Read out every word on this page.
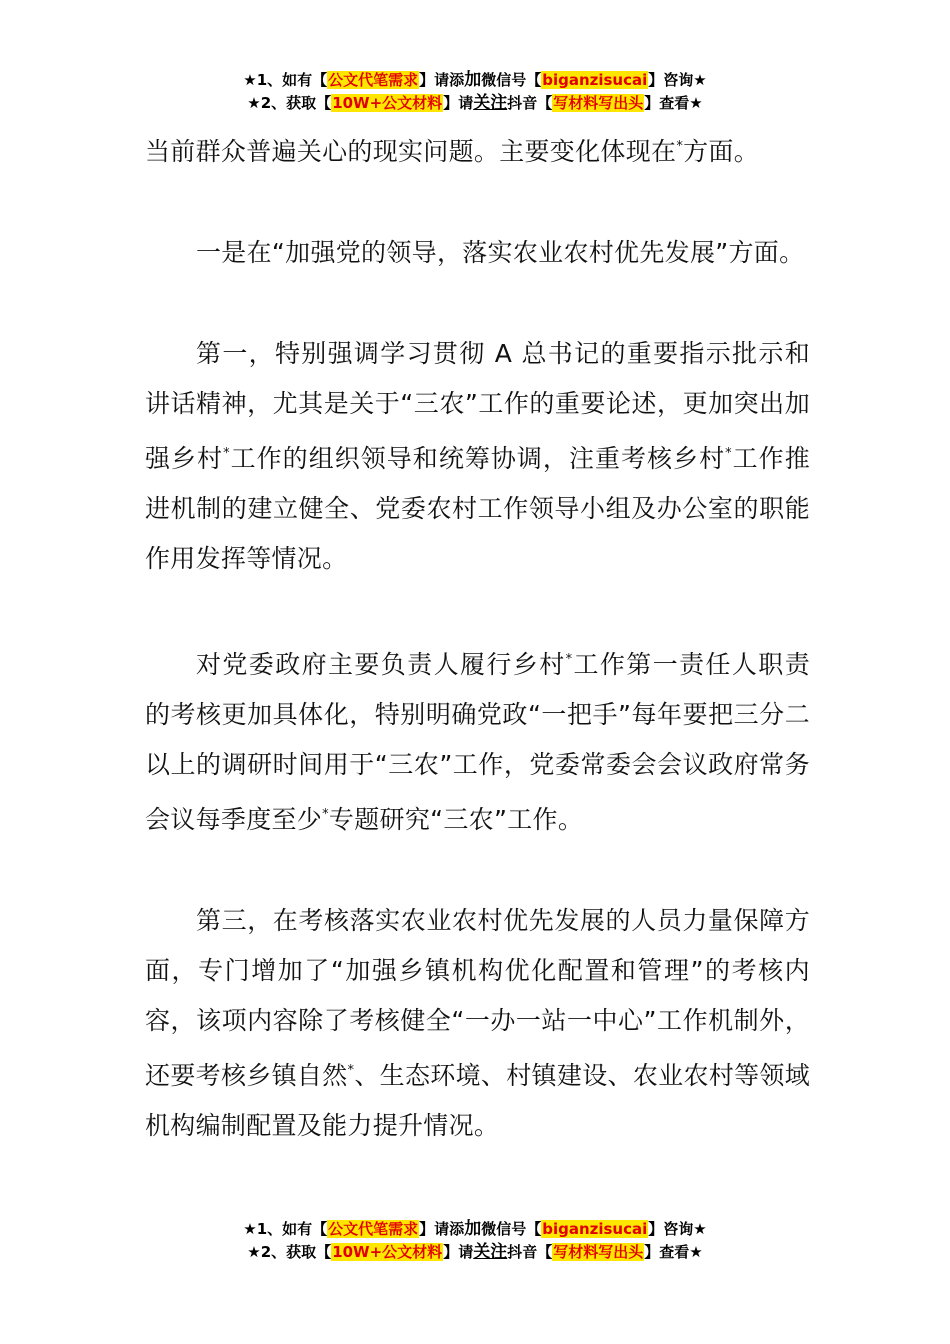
★1、如有【公文代笔需求】请添加微信号【biganzisucai】咨询★
★2、获取【10W+公文材料】请关注抖音【写材料写出头】查看★

当前群众普遍关心的现实问题。主要变化体现在*方面。

一是在“加强党的领导，落实农业农村优先发展”方面。

第一，特别强调学习贯彻 A 总书记的重要指示批示和讲话精神，尤其是关于“三农”工作的重要论述，更加突出加强乡村*工作的组织领导和统筹协调，注重考核乡村*工作推进机制的建立健全、党委农村工作领导小组及办公室的职能作用发挥等情况。

对党委政府主要负责人履行乡村*工作第一责任人职责的考核更加具体化，特别明确党政“一把手”每年要把三分二以上的调研时间用于“三农”工作，党委常委会会议政府常务会议每季度至少*专题研究“三农”工作。

第三，在考核落实农业农村优先发展的人员力量保障方面，专门增加了“加强乡镇机构优化配置和管理”的考核内容，该项内容除了考核健全“一办一站一中心”工作机制外，还要考核乡镇自然*、生态环境、村镇建设、农业农村等领域机构编制配置及能力提升情况。

★1、如有【公文代笔需求】请添加微信号【biganzisucai】咨询★
★2、获取【10W+公文材料】请关注抖音【写材料写出头】查看★
